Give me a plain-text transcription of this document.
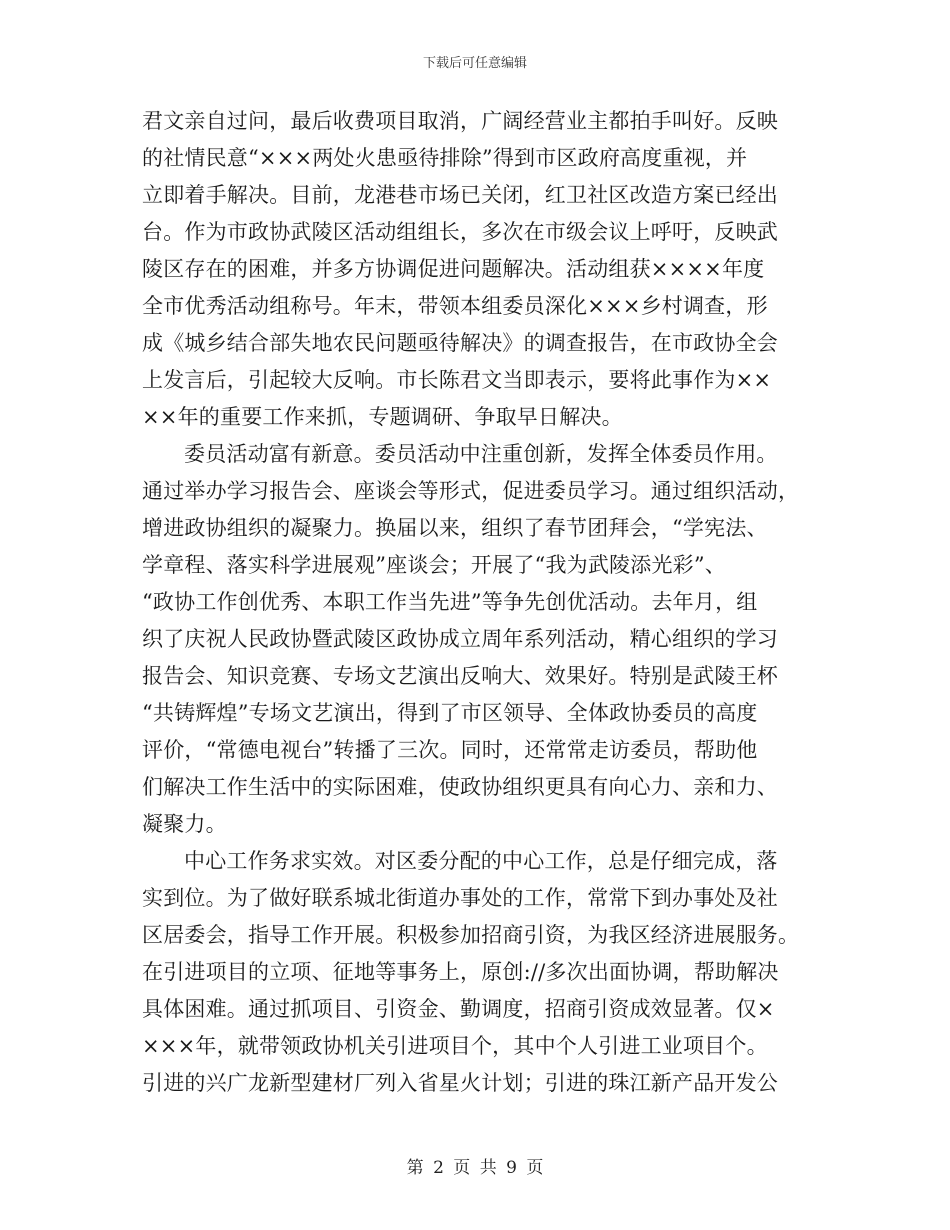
下载后可任意编辑
君文亲自过问，最后收费项目取消，广阔经营业主都拍手叫好。反映
的社情民意“×××两处火患亟待排除”得到市区政府高度重视，并
立即着手解决。目前，龙港巷市场已关闭，红卫社区改造方案已经出
台。作为市政协武陵区活动组组长，多次在市级会议上呼吁，反映武
陵区存在的困难，并多方协调促进问题解决。活动组获××××年度
全市优秀活动组称号。年末，带领本组委员深化×××乡村调查，形
成《城乡结合部失地农民问题亟待解决》的调查报告，在市政协全会
上发言后，引起较大反响。市长陈君文当即表示，要将此事作为××
××年的重要工作来抓，专题调研、争取早日解决。
委员活动富有新意。委员活动中注重创新，发挥全体委员作用。
通过举办学习报告会、座谈会等形式，促进委员学习。通过组织活动，
增进政协组织的凝聚力。换届以来，组织了春节团拜会，“学宪法、
学章程、落实科学进展观”座谈会；开展了“我为武陵添光彩”、
“政协工作创优秀、本职工作当先进”等争先创优活动。去年月，组
织了庆祝人民政协暨武陵区政协成立周年系列活动，精心组织的学习
报告会、知识竞赛、专场文艺演出反响大、效果好。特别是武陵王杯
“共铸辉煌”专场文艺演出，得到了市区领导、全体政协委员的高度
评价，“常德电视台”转播了三次。同时，还常常走访委员，帮助他
们解决工作生活中的实际困难，使政协组织更具有向心力、亲和力、
凝聚力。
中心工作务求实效。对区委分配的中心工作，总是仔细完成，落
实到位。为了做好联系城北街道办事处的工作，常常下到办事处及社
区居委会，指导工作开展。积极参加招商引资，为我区经济进展服务。
在引进项目的立项、征地等事务上，原创://多次出面协调，帮助解决
具体困难。通过抓项目、引资金、勤调度，招商引资成效显著。仅×
×××年，就带领政协机关引进项目个，其中个人引进工业项目个。
引进的兴广龙新型建材厂列入省星火计划；引进的珠江新产品开发公
第 2 页 共 9 页
